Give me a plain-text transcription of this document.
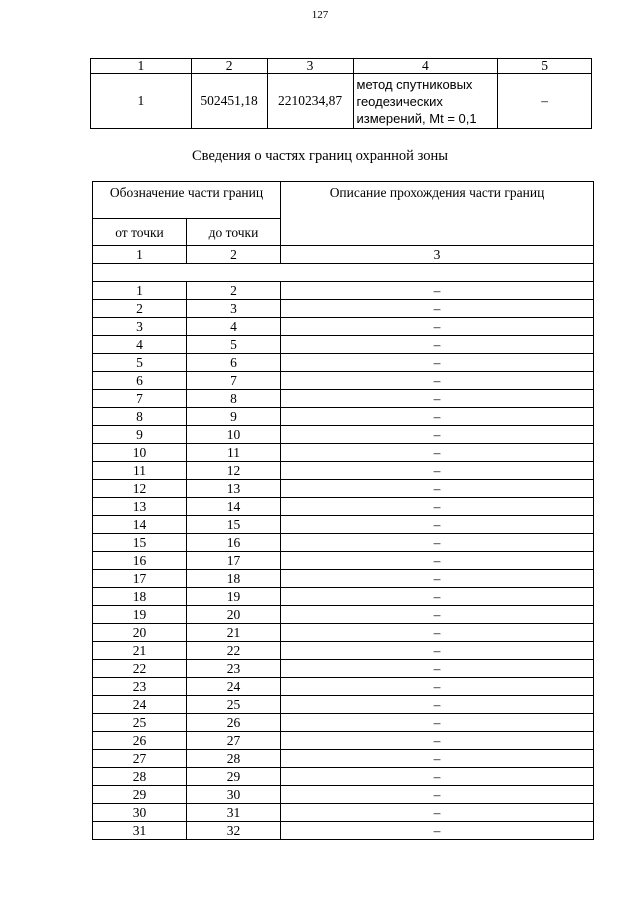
127
1	2	3	4	5
1	502451,18	2210234,87	метод спутниковых
геодезических
измерений, Mt = 0,1	–
Сведения о частях границ охранной зоны
Обозначение части границ		Описание прохождения части границ
от точки	до точки	
1	2	3

1	2	–
2	3	–
3	4	–
4	5	–
5	6	–
6	7	–
7	8	–
8	9	–
9	10	–
10	11	–
11	12	–
12	13	–
13	14	–
14	15	–
15	16	–
16	17	–
17	18	–
18	19	–
19	20	–
20	21	–
21	22	–
22	23	–
23	24	–
24	25	–
25	26	–
26	27	–
27	28	–
28	29	–
29	30	–
30	31	–
31	32	–
